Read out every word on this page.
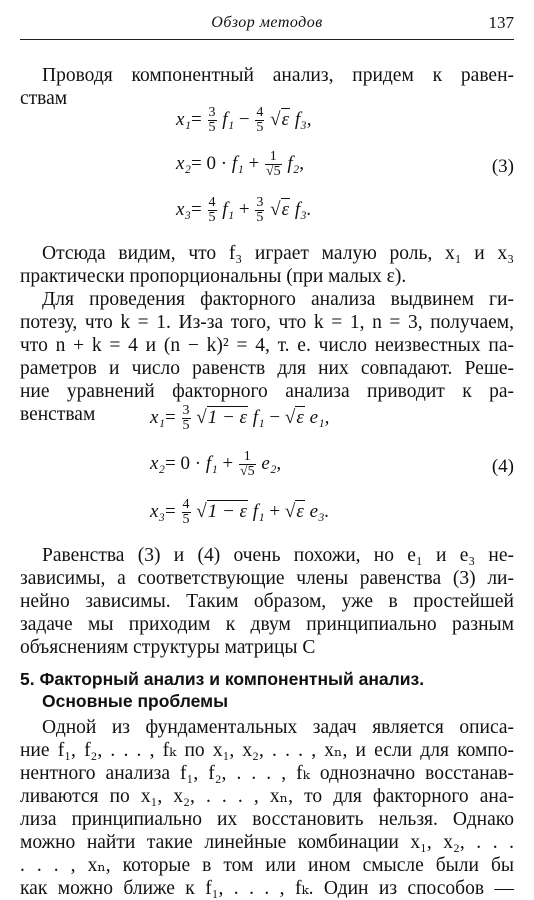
Обзор методов	137
Проводя компонентный анализ, придем к равен-
ствам
$x_1= \frac{3}{5} f_1 - \frac{4}{5} √\varepsilon$ f₃,
$x_2= 0 \cdot f_1 + \frac{1}{√5} f_2$,	(3)
$x_3= \frac{4}{5} f_1 + \frac{3}{5} √\varepsilon$ f₃.
Отсюда видим, что f₃ играет малую роль, x₁ и x₃
практически пропорциональны (при малых ε).
Для проведения факторного анализа выдвинем ги-
потезу, что k = 1. Из-за того, что k = 1, n = 3, получаем,
что n + k = 4 и (n − k)² = 4, т. е. число неизвестных па-
раметров и число равенств для них совпадают. Реше-
ние уравнений факторного анализа приводит к ра-
венствам	$x_1= \frac{3}{5} √1 - \varepsilon$ f₁ − √ε e₁,
$x_2= 0 \cdot f_1 + \frac{1}{√5} e_2$,	(4)
$x_3= \frac{4}{5} √1 - \varepsilon$ f₁ + √ε e₃.
Равенства (3) и (4) очень похожи, но e₁ и e₃ не-
зависимы, а соответствующие члены равенства (3) ли-
нейно зависимы. Таким образом, уже в простейшей
задаче мы приходим к двум принципиально разным
объяснениям структуры матрицы C
5. Факторный анализ и компонентный анализ.
Основные проблемы
Одной из фундаментальных задач является описа-
ние f₁, f₂, . . . , fₖ по x₁, x₂, . . . , xₙ, и если для компо-
нентного анализа f₁, f₂, . . . , fₖ однозначно восстанав-
ливаются по x₁, x₂, . . . , xₙ, то для факторного ана-
лиза принципиально их восстановить нельзя. Однако
можно найти такие линейные комбинации x₁, x₂, . . .
. . . , xₙ, которые в том или ином смысле были бы
как можно ближе к f₁, . . . , fₖ. Один из способов —
